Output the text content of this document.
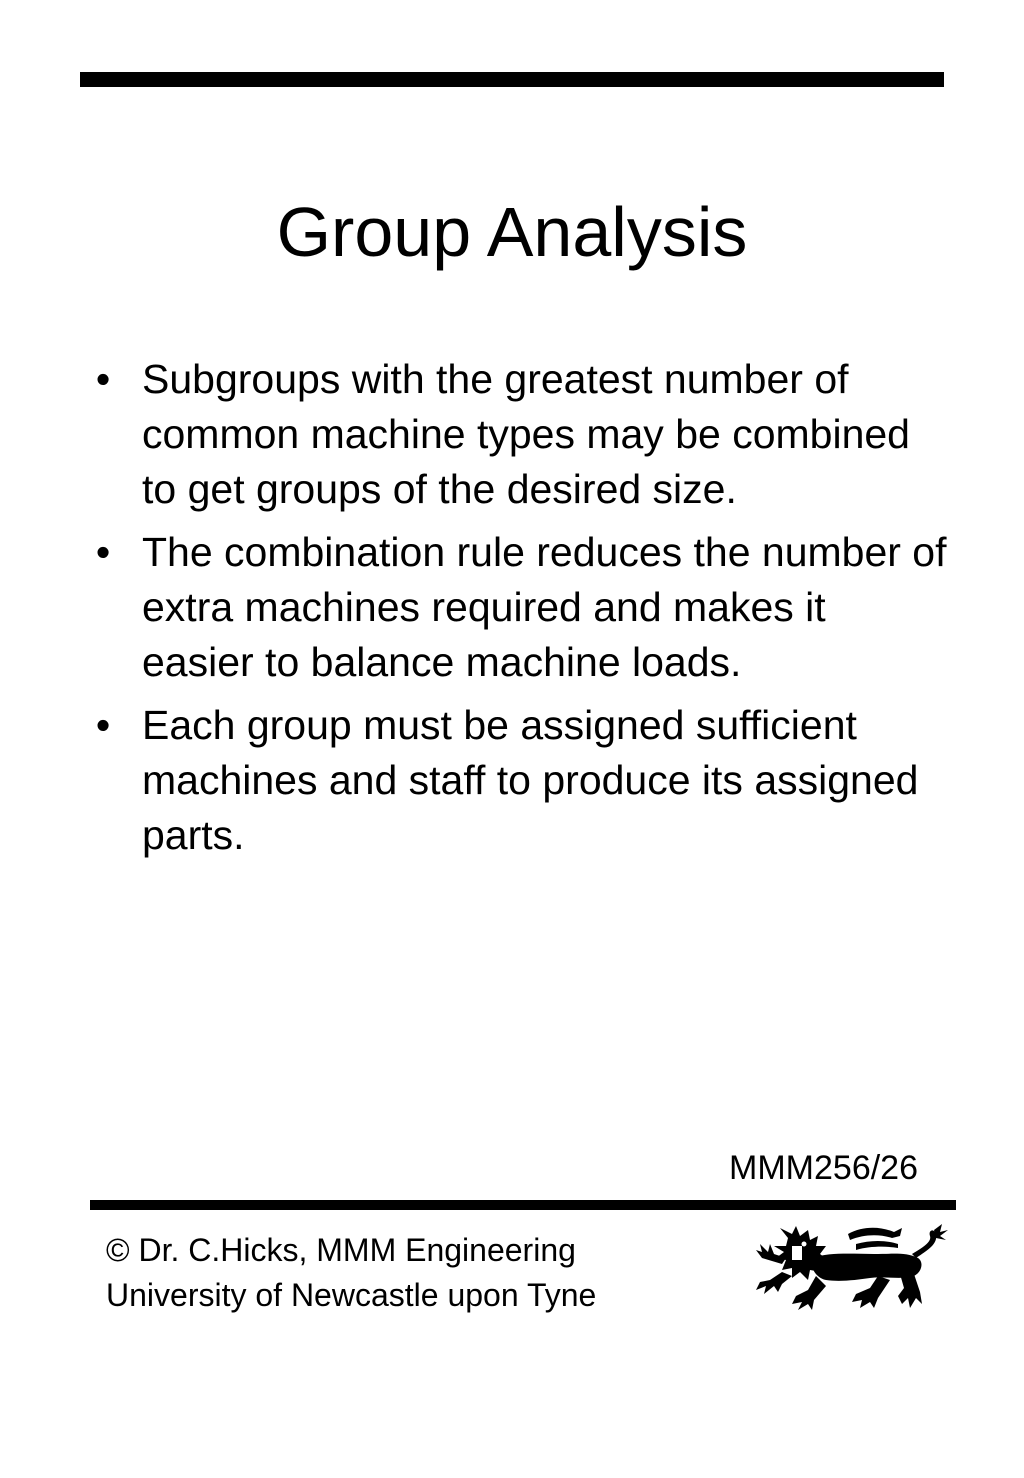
Group Analysis
• Subgroups with the greatest number of common machine types may be combined to get groups of the desired size.
• The combination rule reduces the number of extra machines required and makes it easier to balance machine loads.
• Each group must be assigned sufficient machines and staff to produce its assigned parts.
MMM256/26
© Dr. C.Hicks, MMM Engineering
University of Newcastle upon Tyne
